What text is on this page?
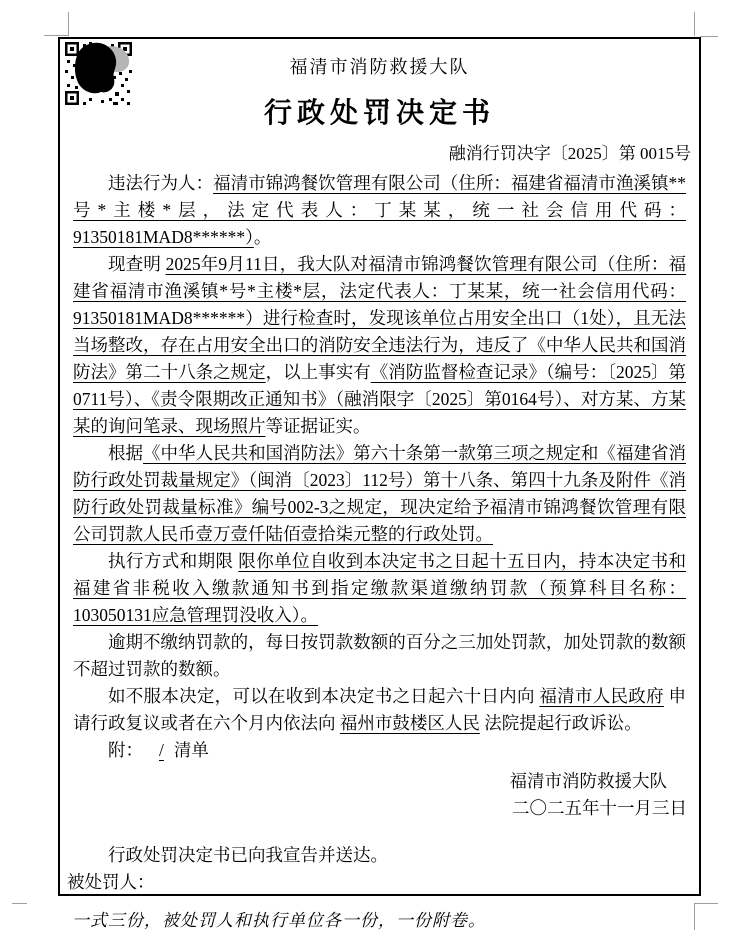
福清市消防救援大队
行政处罚决定书
融消行罚决字〔2025〕第 0015号

违法行为人：福清市锦鸿餐饮管理有限公司（住所：福建省福清市渔溪镇**号*主楼*层，法定代表人：丁某某，统一社会信用代码：91350181MAD8******）。

现查明 2025年9月11日，我大队对福清市锦鸿餐饮管理有限公司（住所：福建省福清市渔溪镇*号*主楼*层，法定代表人：丁某某，统一社会信用代码：91350181MAD8******）进行检查时，发现该单位占用安全出口（1处），且无法当场整改，存在占用安全出口的消防安全违法行为，违反了《中华人民共和国消防法》第二十八条之规定，以上事实有《消防监督检查记录》（编号：〔2025〕第0711号）、《责令限期改正通知书》（融消限字〔2025〕第0164号）、对方某、方某某的询问笔录、现场照片等证据证实。

根据《中华人民共和国消防法》第六十条第一款第三项之规定和《福建省消防行政处罚裁量规定》（闽消〔2023〕112号）第十八条、第四十九条及附件《消防行政处罚裁量标准》编号002-3之规定，现决定给予福清市锦鸿餐饮管理有限公司罚款人民币壹万壹仟陆佰壹拾柒元整的行政处罚。

执行方式和期限 限你单位自收到本决定书之日起十五日内，持本决定书和福建省非税收入缴款通知书到指定缴款渠道缴纳罚款（预算科目名称：103050131应急管理罚没收入）。

逾期不缴纳罚款的，每日按罚款数额的百分之三加处罚款，加处罚款的数额不超过罚款的数额。

如不服本决定，可以在收到本决定书之日起六十日内向 福清市人民政府 申请行政复议或者在六个月内依法向 福州市鼓楼区人民 法院提起行政诉讼。

附： / 清单

福清市消防救援大队
二〇二五年十一月三日

行政处罚决定书已向我宣告并送达。

被处罚人：

一式三份，被处罚人和执行单位各一份，一份附卷。
